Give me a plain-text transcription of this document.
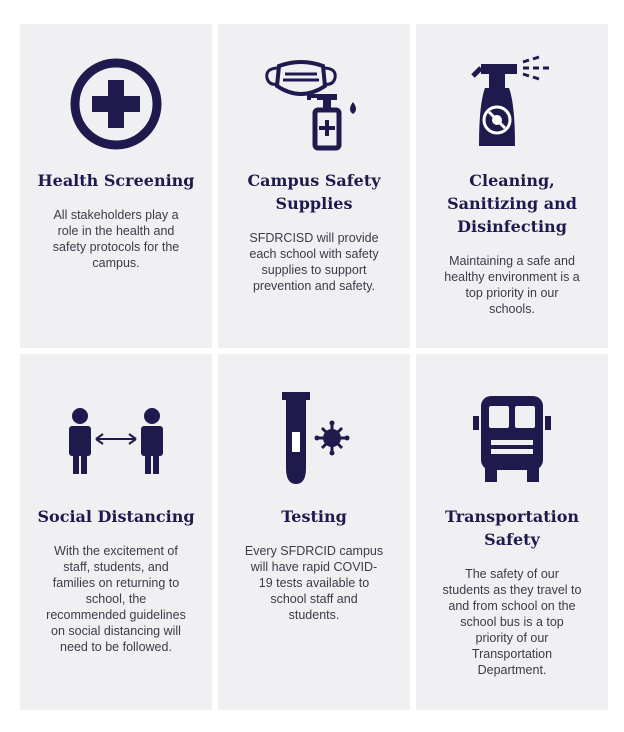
Health Screening
All stakeholders play a role in the health and safety protocols for the campus.
Campus Safety Supplies
SFDRCISD will provide each school with safety supplies to support prevention and safety.
Cleaning, Sanitizing and Disinfecting
Maintaining a safe and healthy environment is a top priority in our schools.
Social Distancing
With the excitement of staff, students, and families on returning to school, the recommended guidelines on social distancing will need to be followed.
Testing
Every SFDRCID campus will have rapid COVID-19 tests available to school staff and students.
Transportation Safety
The safety of our students as they travel to and from school on the school bus is a top priority of our Transportation Department.
